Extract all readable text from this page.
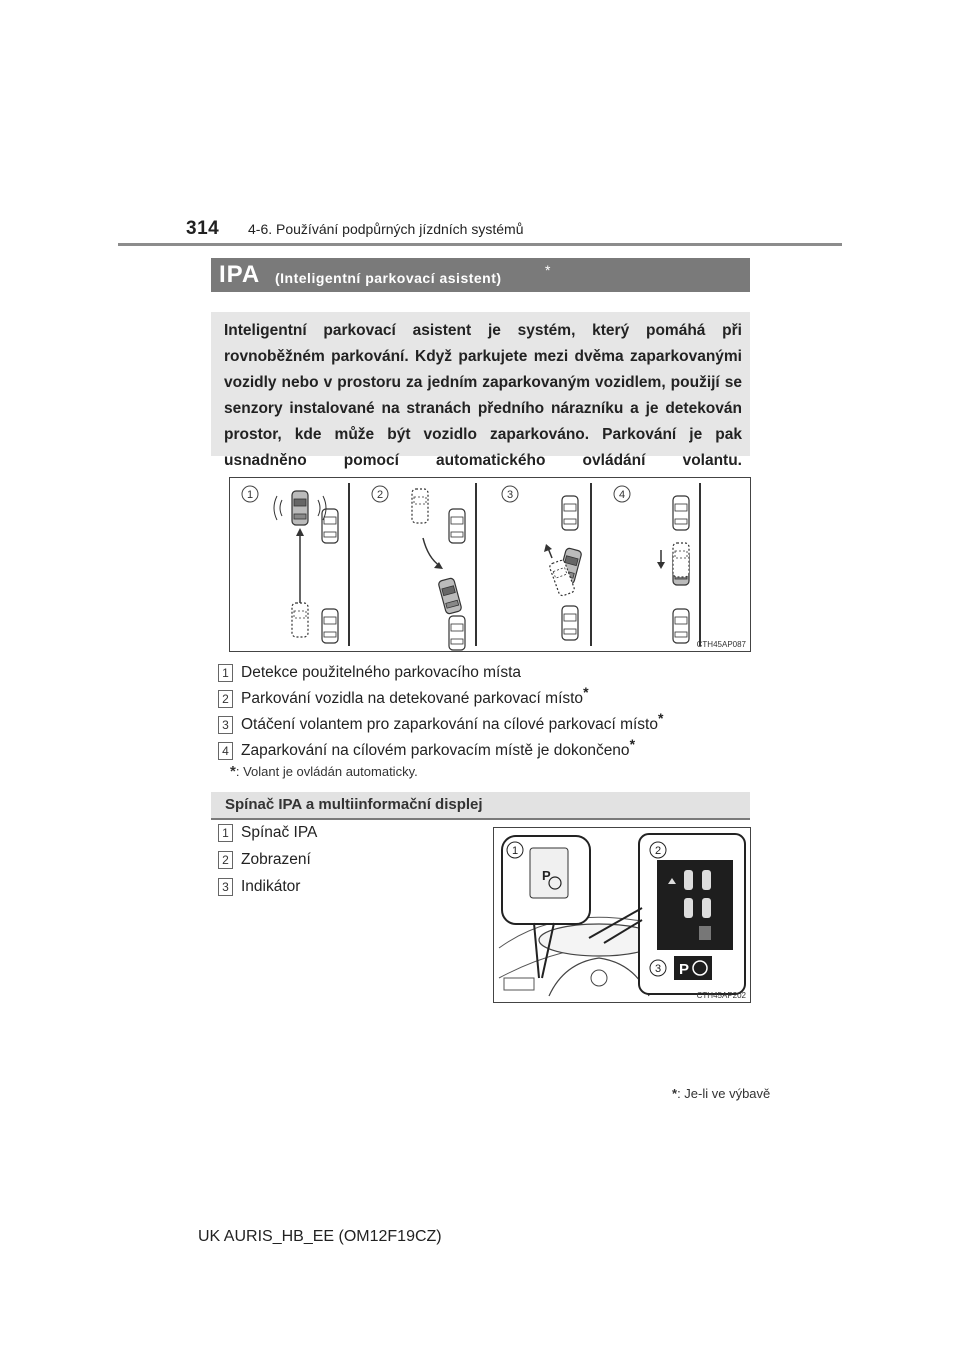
314 4-6. Používání podpůrných jízdních systémů
IPA (Inteligentní parkovací asistent)	*

Inteligentní parkovací asistent je systém, který pomáhá při rovnoběžném parkování. Když parkujete mezi dvěma zaparkovanými vozidly nebo v prostoru za jedním zaparkovaným vozidlem, použijí se senzory instalované na stranách předního nárazníku a je detekován prostor, kde může být vozidlo zaparkováno. Parkování je pak usnadněno pomocí automatického ovládání volantu.

1	2	3	4
CTH45AP087
1 Detekce použitelného parkovacího místa
2 Parkování vozidla na detekované parkovací místo*
3 Otáčení volantem pro zaparkování na cílové parkovací místo*
4 Zaparkování na cílovém parkovacím místě je dokončeno*
*: Volant je ovládán automaticky.
Spínač IPA a multiinformační displej
1 Spínač IPA
2 Zobrazení
3 Indikátor
P
P
1	2
3
CTH45AP202
*: Je-li ve výbavě
UK AURIS_HB_EE (OM12F19CZ)
